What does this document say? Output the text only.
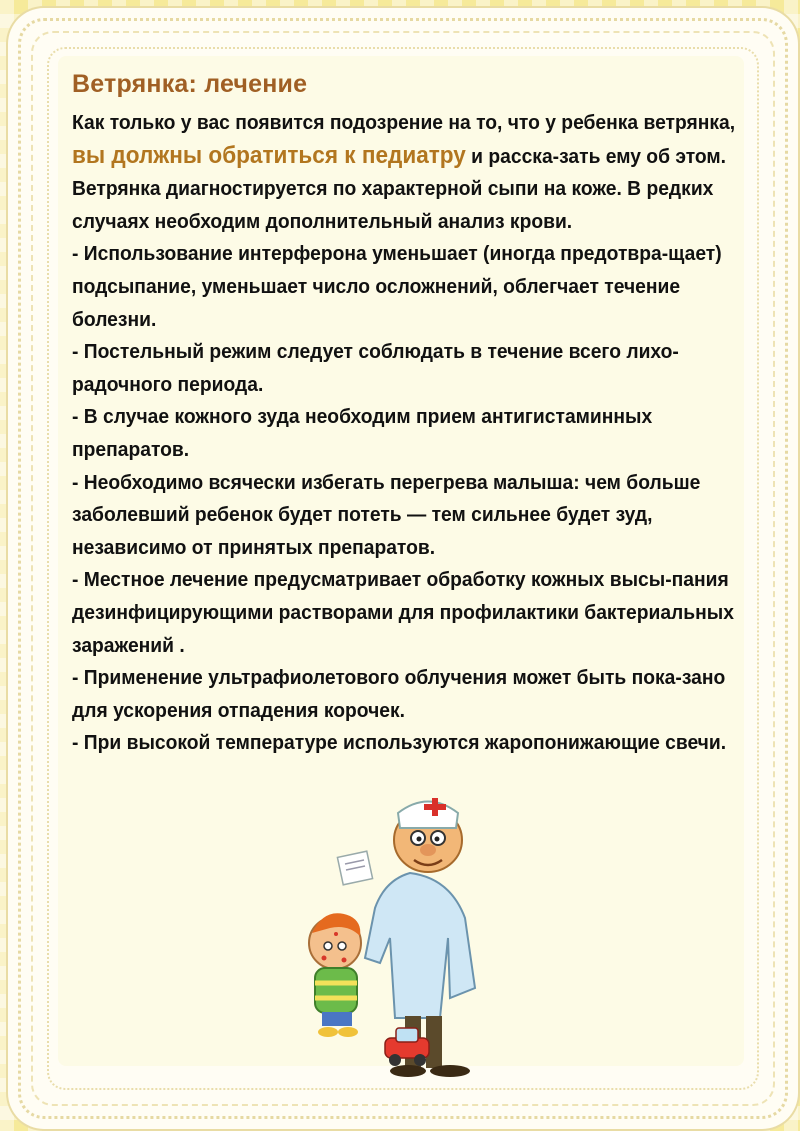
Ветрянка: лечение

Как только у вас появится подозрение на то, что у ребенка ветрянка, вы должны обратиться к педиатру и расска-зать ему об этом. Ветрянка диагностируется по характерной сыпи на коже. В редких случаях необходим дополнительный анализ крови.

- Использование интерферона уменьшает (иногда предотвра-щает) подсыпание, уменьшает число осложнений, облегчает течение болезни.

- Постельный режим следует соблюдать в течение всего лихо-радочного периода.

- В случае кожного зуда необходим прием антигистаминных препаратов.

- Необходимо всячески избегать перегрева малыша: чем больше заболевший ребенок будет потеть — тем сильнее будет зуд, независимо от принятых препаратов.

- Местное лечение предусматривает обработку кожных высы-пания дезинфицирующими растворами для профилактики бактериальных заражений .

- Применение ультрафиолетового облучения может быть пока-зано для ускорения отпадения корочек.

- При высокой температуре используются жаропонижающие свечи.
